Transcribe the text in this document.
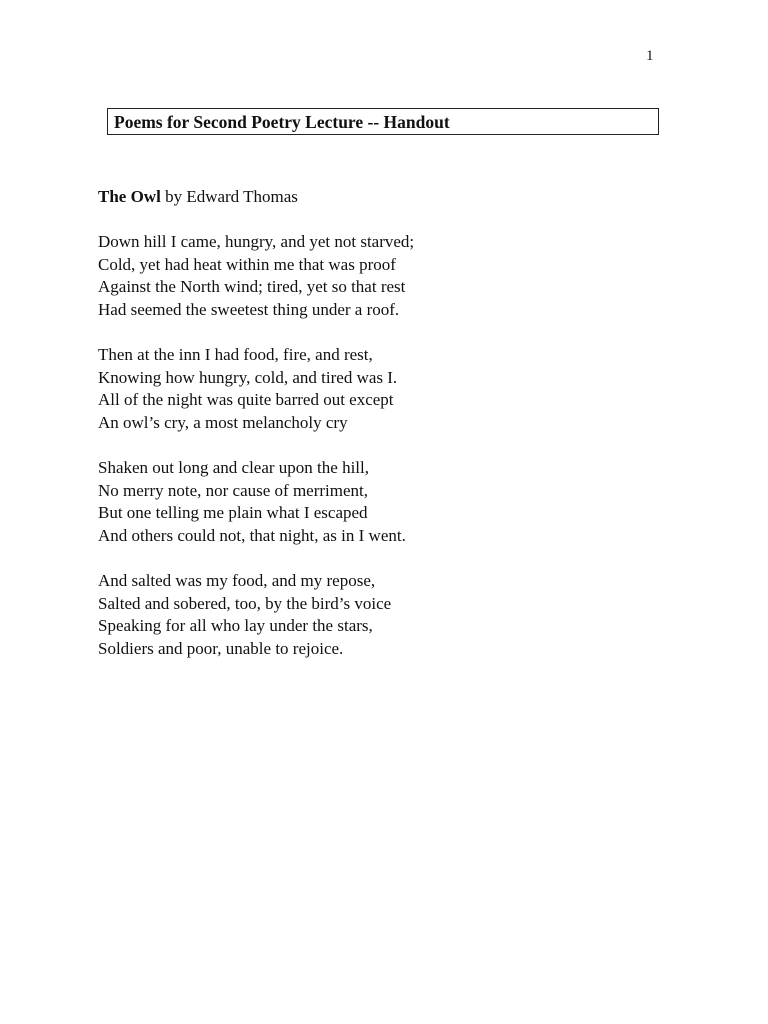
1
Poems for Second Poetry Lecture -- Handout
The Owl by Edward Thomas
Down hill I came, hungry, and yet not starved;
Cold, yet had heat within me that was proof
Against the North wind; tired, yet so that rest
Had seemed the sweetest thing under a roof.
Then at the inn I had food, fire, and rest,
Knowing how hungry, cold, and tired was I.
All of the night was quite barred out except
An owl’s cry, a most melancholy cry
Shaken out long and clear upon the hill,
No merry note, nor cause of merriment,
But one telling me plain what I escaped
And others could not, that night, as in I went.
And salted was my food, and my repose,
Salted and sobered, too, by the bird’s voice
Speaking for all who lay under the stars,
Soldiers and poor, unable to rejoice.
